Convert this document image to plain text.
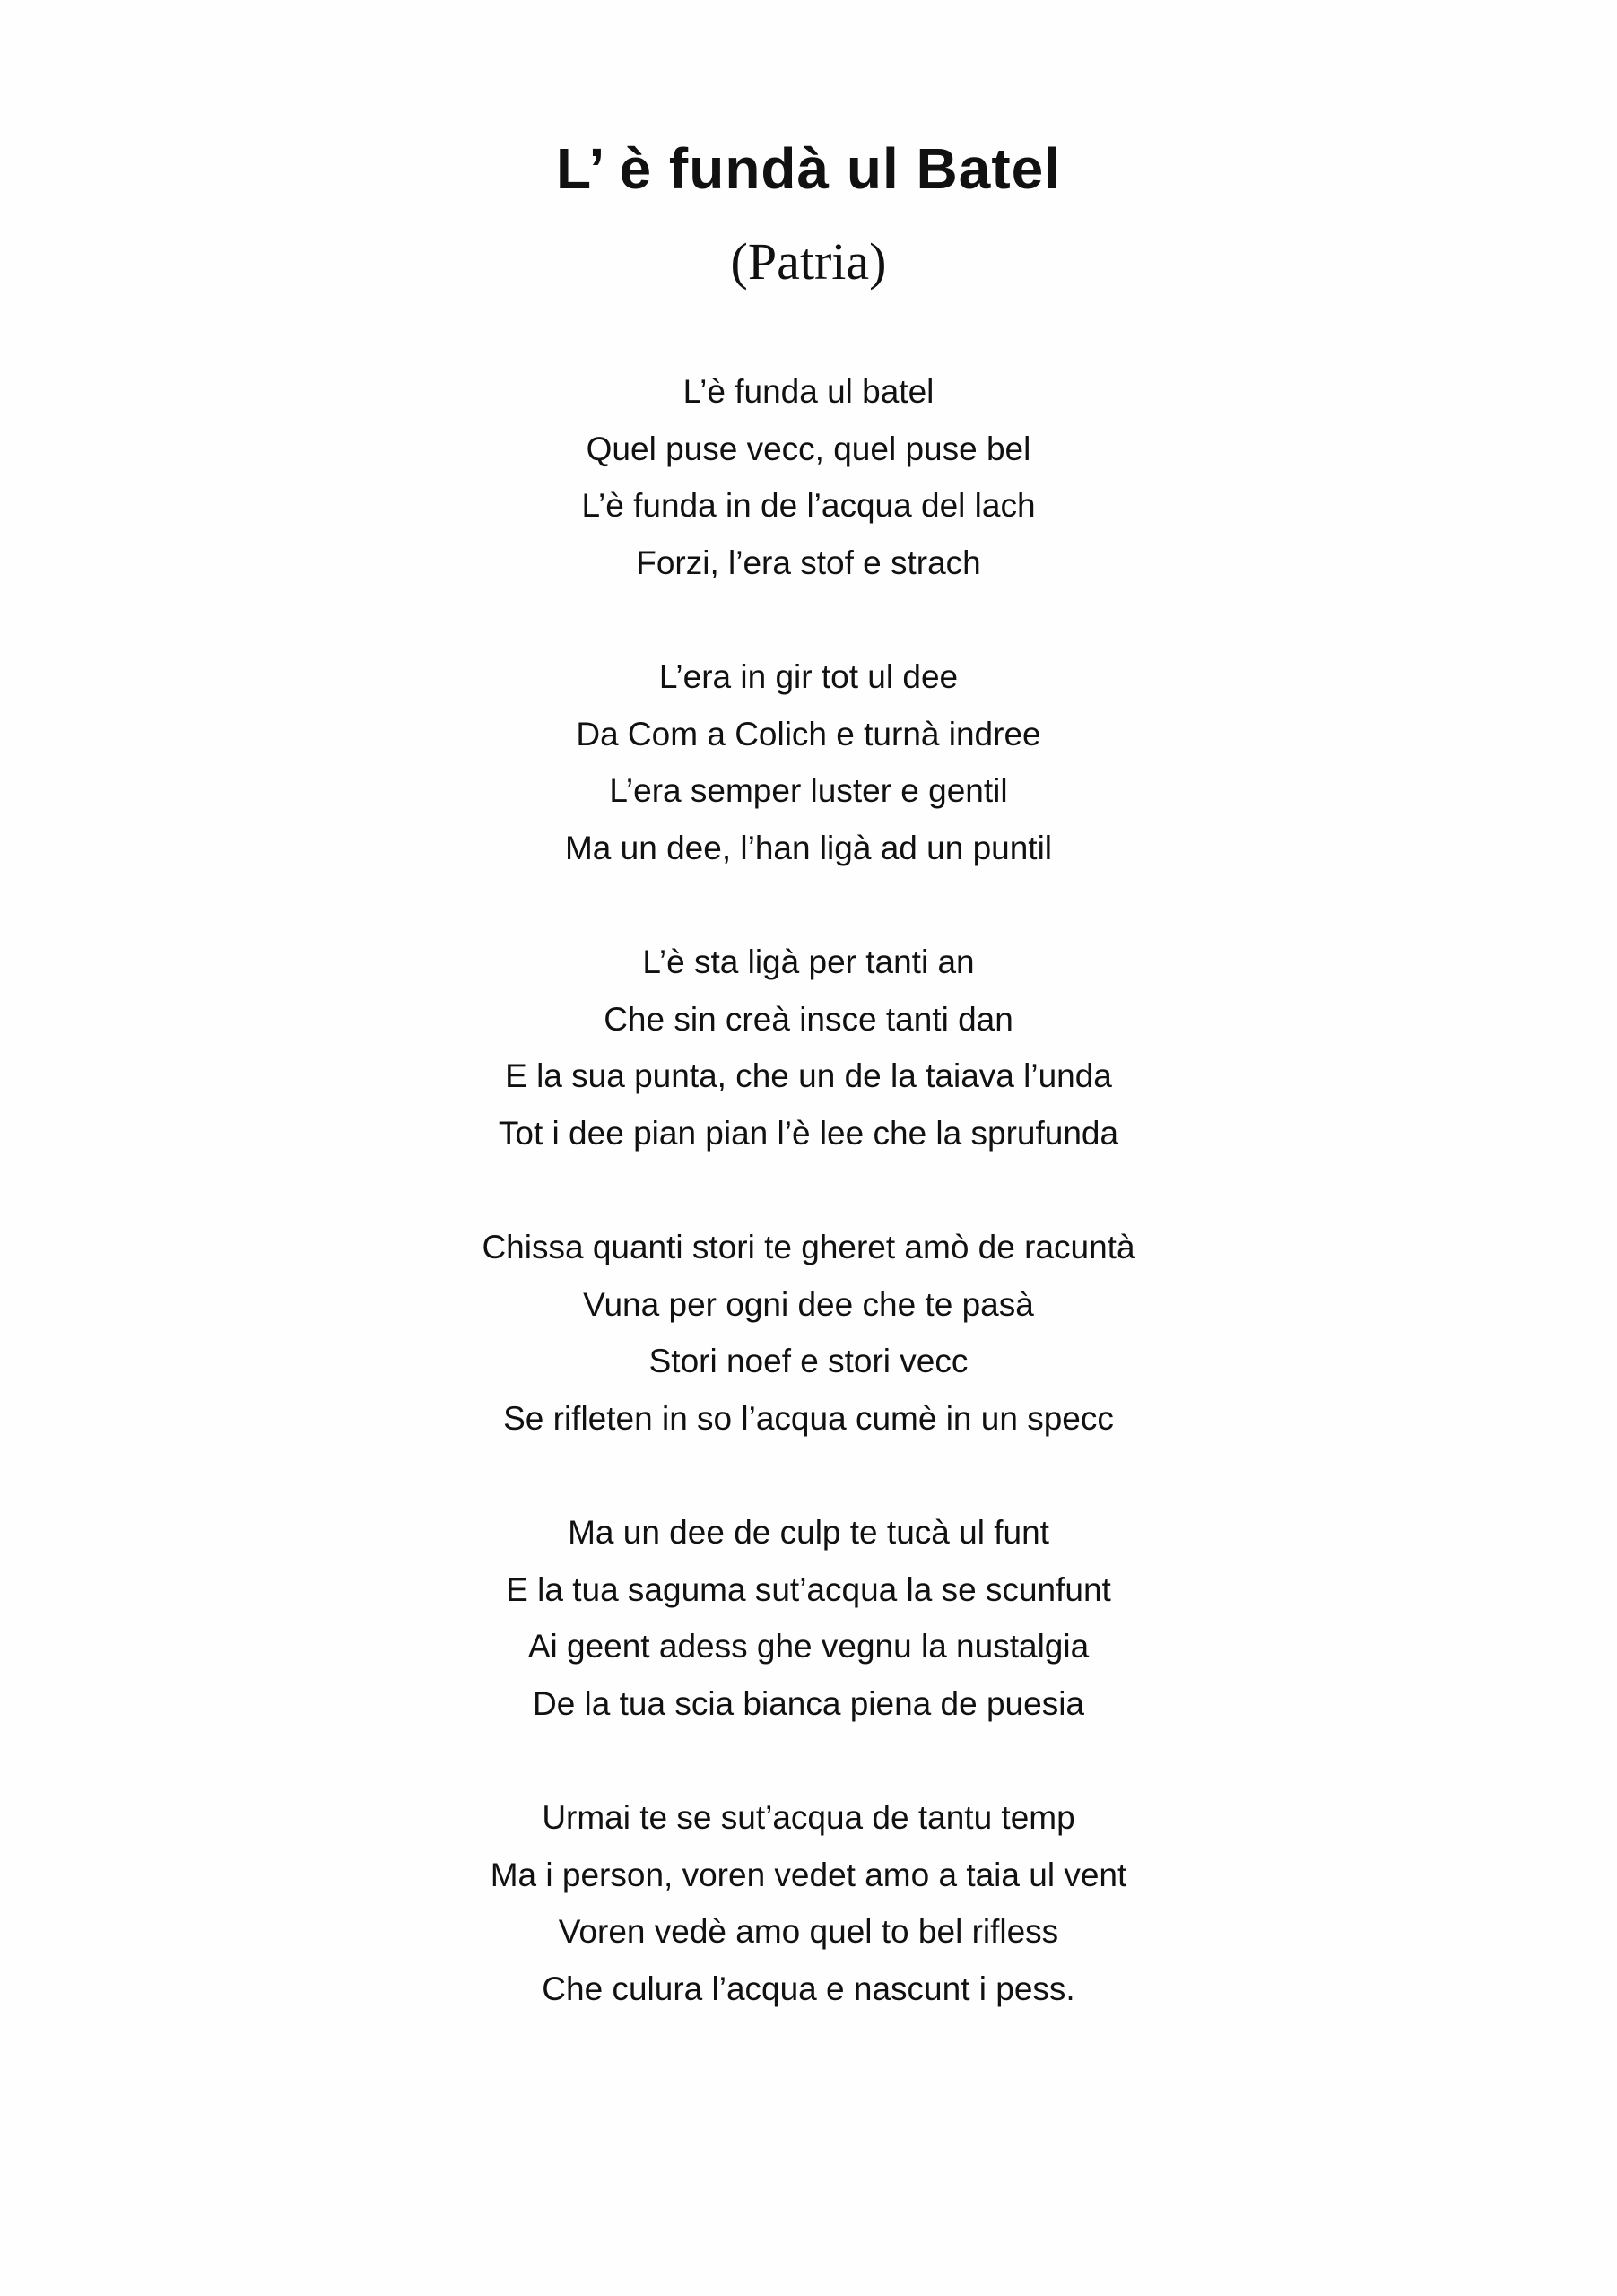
L’ è fundà ul Batel
(Patria)
L’è funda ul batel
Quel puse vecc, quel puse bel
L’è funda in de l’acqua del lach
Forzi, l’era stof e strach
L’era in gir tot ul dee
Da Com a Colich e turnà indree
L’era semper luster e gentil
Ma un dee, l’han ligà ad un puntil
L’è sta ligà per tanti an
Che sin creà insce tanti dan
E la sua punta, che un de la taiava l’unda
Tot i dee pian pian l’è lee che la sprufunda
Chissa quanti stori te gheret amò de racuntà
Vuna per ogni dee che te pasà
Stori noef e stori vecc
Se rifleten in so l’acqua cumè in un specc
Ma un dee de culp te tucà ul funt
E la tua saguma sut’acqua la se scunfunt
Ai geent adess ghe vegnu la nustalgia
De la tua scia bianca piena de puesia
Urmai te se sut’acqua de tantu temp
Ma i person, voren vedet amo a taia ul vent
Voren vedè amo quel to bel rifless
Che culura l’acqua e nascunt i pess.
